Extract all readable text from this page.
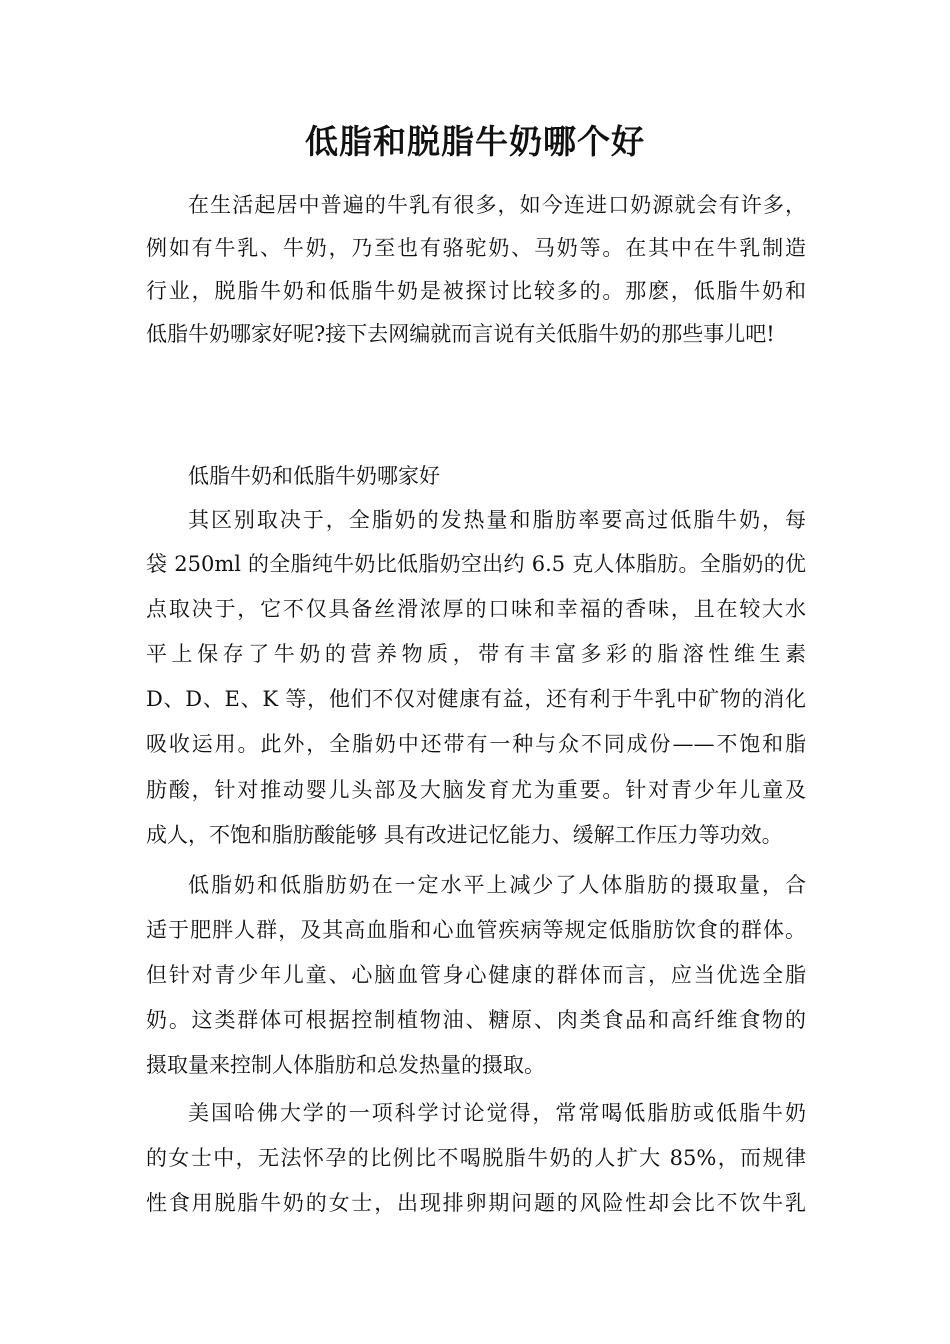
低脂和脱脂牛奶哪个好

在生活起居中普遍的牛乳有很多，如今连进口奶源就会有许多，

例如有牛乳、牛奶，乃至也有骆驼奶、马奶等。在其中在牛乳制造

行业，脱脂牛奶和低脂牛奶是被探讨比较多的。那麽，低脂牛奶和

低脂牛奶哪家好呢?接下去网编就而言说有关低脂牛奶的那些事儿吧!

低脂牛奶和低脂牛奶哪家好

其区别取决于，全脂奶的发热量和脂肪率要高过低脂牛奶，每

袋 250ml 的全脂纯牛奶比低脂奶空出约 6.5 克人体脂肪。全脂奶的优

点取决于，它不仅具备丝滑浓厚的口味和幸福的香味，且在较大水

平上保存了牛奶的营养物质，带有丰富多彩的脂溶性维生素

D、D、E、K 等，他们不仅对健康有益，还有利于牛乳中矿物的消化

吸收运用。此外，全脂奶中还带有一种与众不同成份——不饱和脂

肪酸，针对推动婴儿头部及大脑发育尤为重要。针对青少年儿童及

成人，不饱和脂肪酸能够 具有改进记忆能力、缓解工作压力等功效。

低脂奶和低脂肪奶在一定水平上减少了人体脂肪的摄取量，合

适于肥胖人群，及其高血脂和心血管疾病等规定低脂肪饮食的群体。

但针对青少年儿童、心脑血管身心健康的群体而言，应当优选全脂

奶。这类群体可根据控制植物油、糖原、肉类食品和高纤维食物的

摄取量来控制人体脂肪和总发热量的摄取。

美国哈佛大学的一项科学讨论觉得，常常喝低脂肪或低脂牛奶

的女士中，无法怀孕的比例比不喝脱脂牛奶的人扩大 85%，而规律

性食用脱脂牛奶的女士，出现排卵期问题的风险性却会比不饮牛乳
